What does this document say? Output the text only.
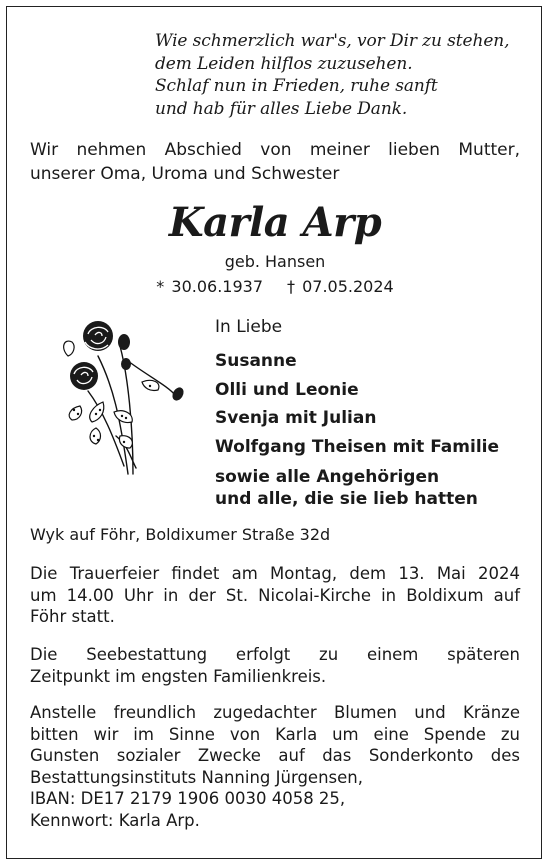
Wie schmerzlich war's, vor Dir zu stehen,
dem Leiden hilflos zuzusehen.
Schlaf nun in Frieden, ruhe sanft
und hab für alles Liebe Dank.
Wir nehmen Abschied von meiner lieben Mutter,
unserer Oma, Uroma und Schwester
Karla Arp
geb. Hansen
* 30.06.1937 † 07.05.2024
In Liebe
Susanne
Olli und Leonie
Svenja mit Julian
Wolfgang Theisen mit Familie
sowie alle Angehörigen
und alle, die sie lieb hatten
Wyk auf Föhr, Boldixumer Straße 32d
Die Trauerfeier findet am Montag, dem 13. Mai 2024
um 14.00 Uhr in der St. Nicolai-Kirche in Boldixum auf
Föhr statt.
Die Seebestattung erfolgt zu einem späteren
Zeitpunkt im engsten Familienkreis.
Anstelle freundlich zugedachter Blumen und Kränze
bitten wir im Sinne von Karla um eine Spende zu
Gunsten sozialer Zwecke auf das Sonderkonto des
Bestattungsinstituts Nanning Jürgensen,
IBAN: DE17 2179 1906 0030 4058 25,
Kennwort: Karla Arp.
